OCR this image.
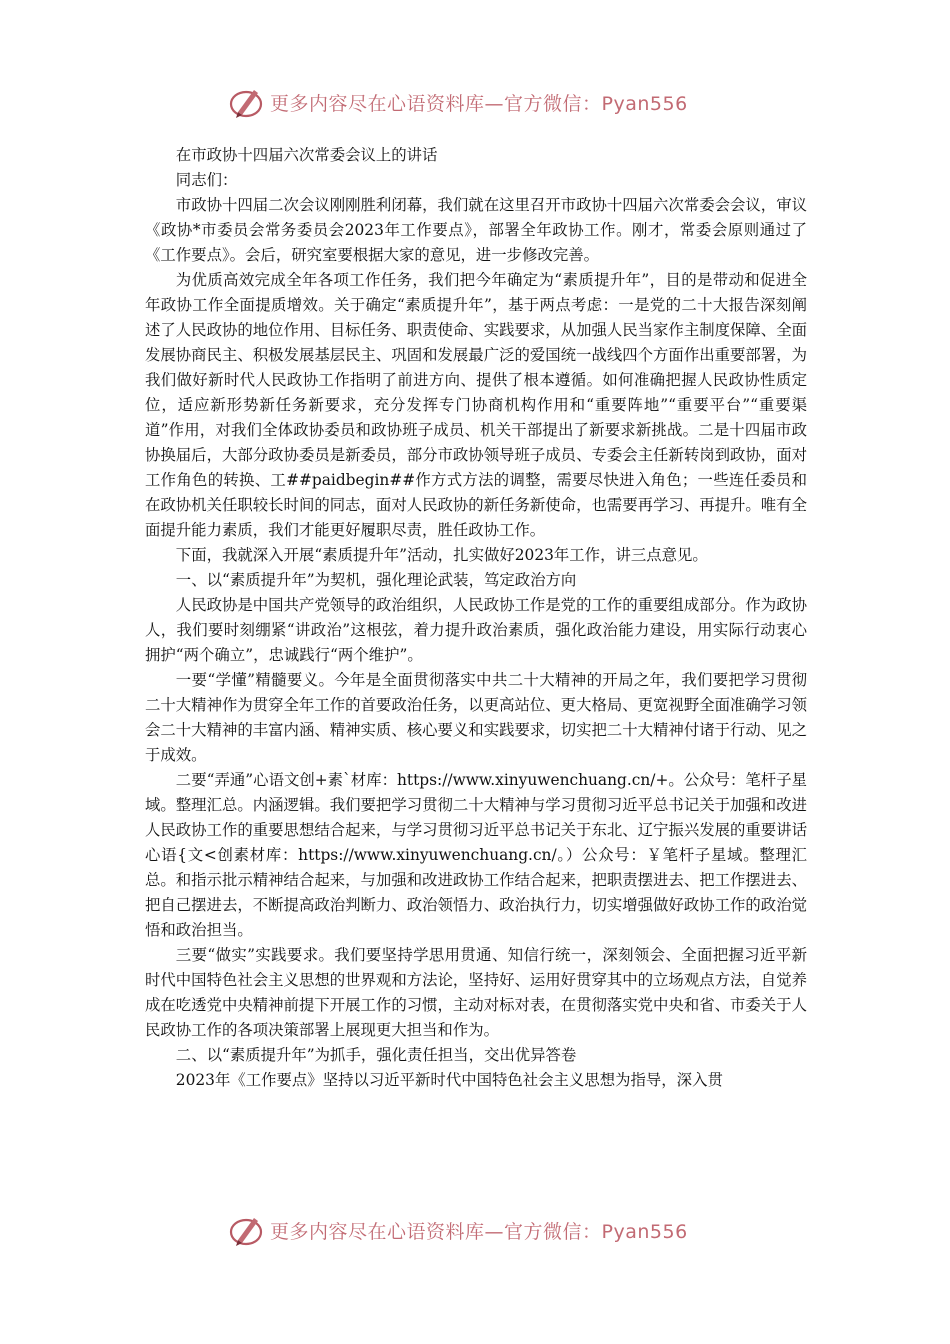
更多内容尽在心语资料库—官方微信：Pyan556

在市政协十四届六次常委会议上的讲话

同志们：

市政协十四届二次会议刚刚胜利闭幕，我们就在这里召开市政协十四届六次常委会会议，审议《政协*市委员会常务委员会2023年工作要点》，部署全年政协工作。刚才，常委会原则通过了《工作要点》。会后，研究室要根据大家的意见，进一步修改完善。

为优质高效完成全年各项工作任务，我们把今年确定为“素质提升年”，目的是带动和促进全年政协工作全面提质增效。关于确定“素质提升年”，基于两点考虑：一是党的二十大报告深刻阐述了人民政协的地位作用、目标任务、职责使命、实践要求，从加强人民当家作主制度保障、全面发展协商民主、积极发展基层民主、巩固和发展最广泛的爱国统一战线四个方面作出重要部署，为我们做好新时代人民政协工作指明了前进方向、提供了根本遵循。如何准确把握人民政协性质定位，适应新形势新任务新要求，充分发挥专门协商机构作用和“重要阵地”“重要平台”“重要渠道”作用，对我们全体政协委员和政协班子成员、机关干部提出了新要求新挑战。二是十四届市政协换届后，大部分政协委员是新委员，部分市政协领导班子成员、专委会主任新转岗到政协，面对工作角色的转换、工##paidbegin##作方式方法的调整，需要尽快进入角色；一些连任委员和在政协机关任职较长时间的同志，面对人民政协的新任务新使命，也需要再学习、再提升。唯有全面提升能力素质，我们才能更好履职尽责，胜任政协工作。

下面，我就深入开展“素质提升年”活动，扎实做好2023年工作，讲三点意见。

一、以“素质提升年”为契机，强化理论武装，笃定政治方向

人民政协是中国共产党领导的政治组织，人民政协工作是党的工作的重要组成部分。作为政协人，我们要时刻绷紧“讲政治”这根弦，着力提升政治素质，强化政治能力建设，用实际行动衷心拥护“两个确立”，忠诚践行“两个维护”。

一要“学懂”精髓要义。今年是全面贯彻落实中共二十大精神的开局之年，我们要把学习贯彻二十大精神作为贯穿全年工作的首要政治任务，以更高站位、更大格局、更宽视野全面准确学习领会二十大精神的丰富内涵、精神实质、核心要义和实践要求，切实把二十大精神付诸于行动、见之于成效。

二要“弄通”心语文创+素`材库：https://www.xinyuwenchuang.cn/+。公众号：笔杆子星域。整理汇总。内涵逻辑。我们要把学习贯彻二十大精神与学习贯彻习近平总书记关于加强和改进人民政协工作的重要思想结合起来，与学习贯彻习近平总书记关于东北、辽宁振兴发展的重要讲话心语{文<创素材库：https://www.xinyuwenchuang.cn/。）公众号：￥笔杆子星域。整理汇总。和指示批示精神结合起来，与加强和改进政协工作结合起来，把职责摆进去、把工作摆进去、把自己摆进去，不断提高政治判断力、政治领悟力、政治执行力，切实增强做好政协工作的政治觉悟和政治担当。

三要“做实”实践要求。我们要坚持学思用贯通、知信行统一，深刻领会、全面把握习近平新时代中国特色社会主义思想的世界观和方法论，坚持好、运用好贯穿其中的立场观点方法，自觉养成在吃透党中央精神前提下开展工作的习惯，主动对标对表，在贯彻落实党中央和省、市委关于人民政协工作的各项决策部署上展现更大担当和作为。

二、以“素质提升年”为抓手，强化责任担当，交出优异答卷

2023年《工作要点》坚持以习近平新时代中国特色社会主义思想为指导，深入贯

更多内容尽在心语资料库—官方微信：Pyan556
